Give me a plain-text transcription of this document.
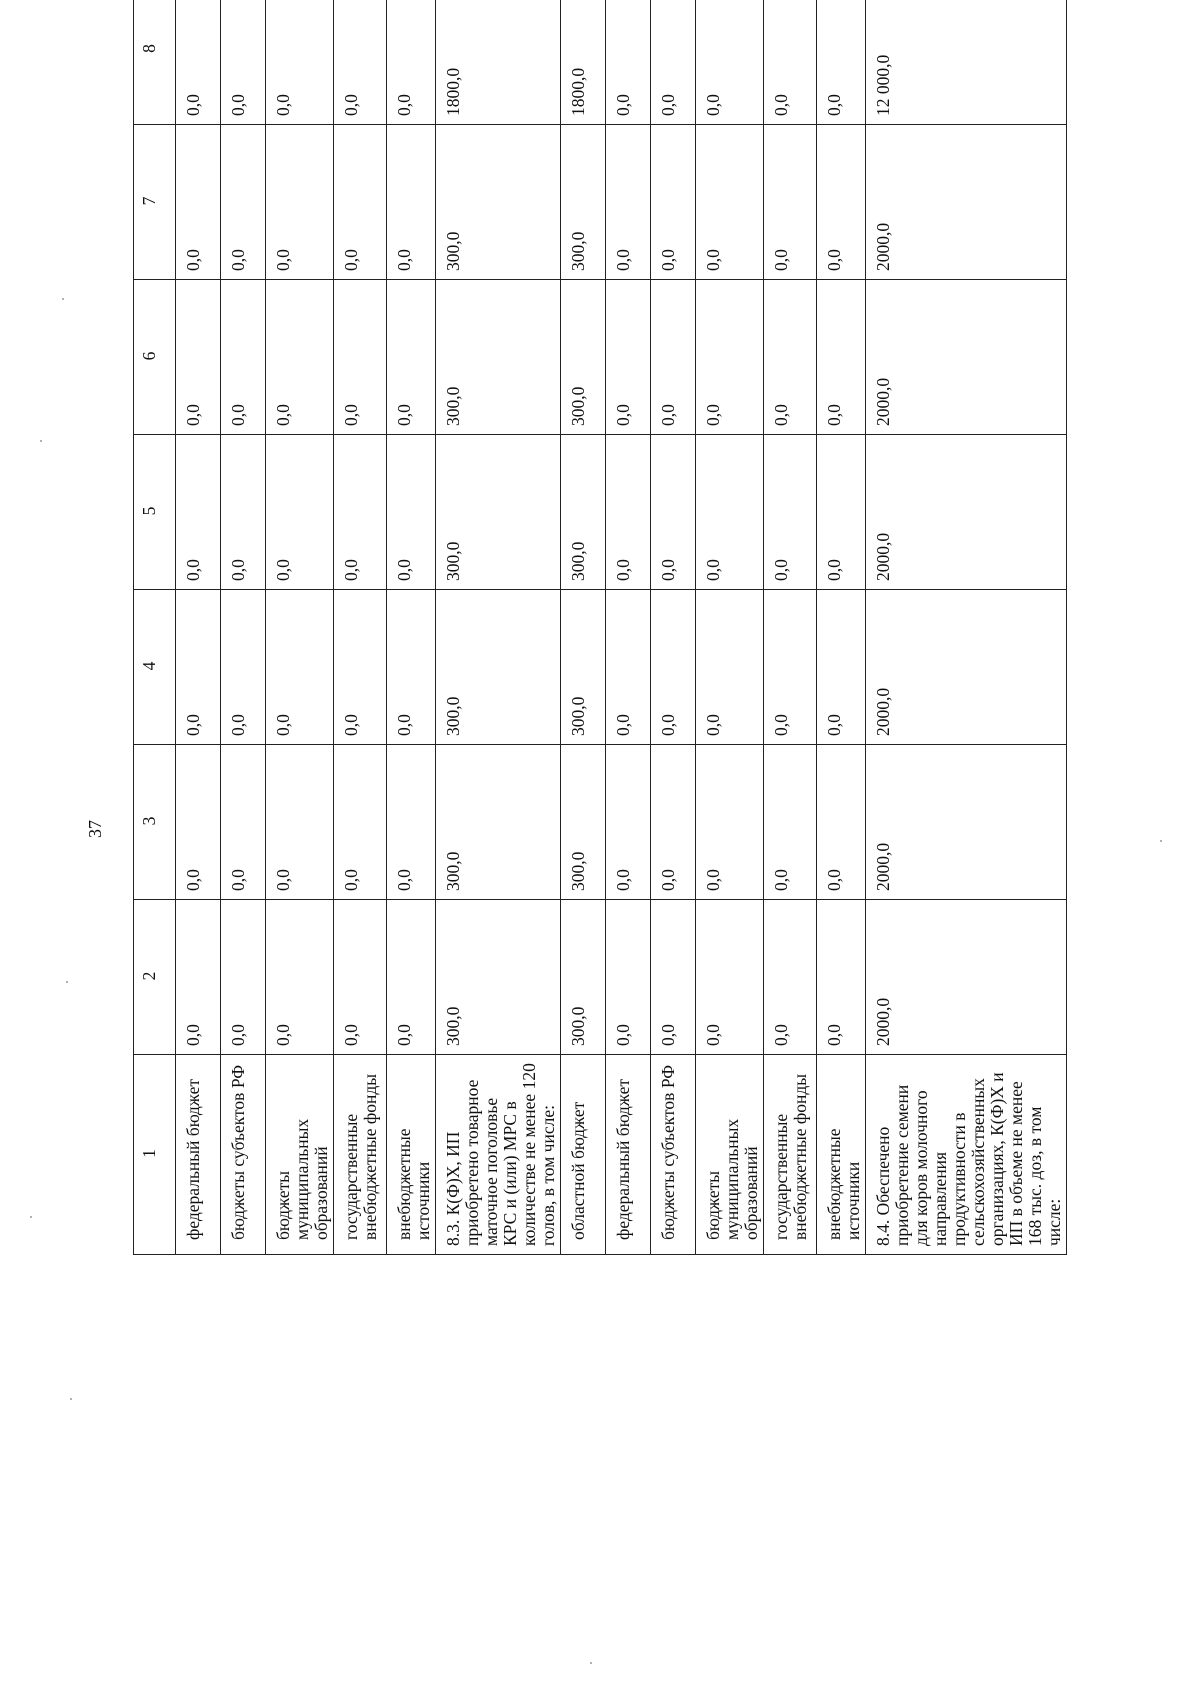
37
1	2	3	4	5	6	7	8
федеральный бюджет	0,0	0,0	0,0	0,0	0,0	0,0	0,0
бюджеты субъектов РФ	0,0	0,0	0,0	0,0	0,0	0,0	0,0
бюджеты муниципальных образований	0,0	0,0	0,0	0,0	0,0	0,0	0,0
государственные внебюджетные фонды	0,0	0,0	0,0	0,0	0,0	0,0	0,0
внебюджетные источники	0,0	0,0	0,0	0,0	0,0	0,0	0,0
8.3. К(Ф)Х, ИП приобретено товарное маточное поголовье КРС и (или) МРС в количестве не менее 120 голов, в том числе:	300,0	300,0	300,0	300,0	300,0	300,0	1800,0
областной бюджет	300,0	300,0	300,0	300,0	300,0	300,0	1800,0
федеральный бюджет	0,0	0,0	0,0	0,0	0,0	0,0	0,0
бюджеты субъектов РФ	0,0	0,0	0,0	0,0	0,0	0,0	0,0
бюджеты муниципальных образований	0,0	0,0	0,0	0,0	0,0	0,0	0,0
государственные внебюджетные фонды	0,0	0,0	0,0	0,0	0,0	0,0	0,0
внебюджетные источники	0,0	0,0	0,0	0,0	0,0	0,0	0,0
8.4. Обеспечено приобретение семени для коров молочного направления продуктивности в сельскохозяйственных организациях, К(Ф)Х и ИП в объеме не менее 168 тыс. доз, в том числе:	2000,0	2000,0	2000,0	2000,0	2000,0	2000,0	12 000,0
